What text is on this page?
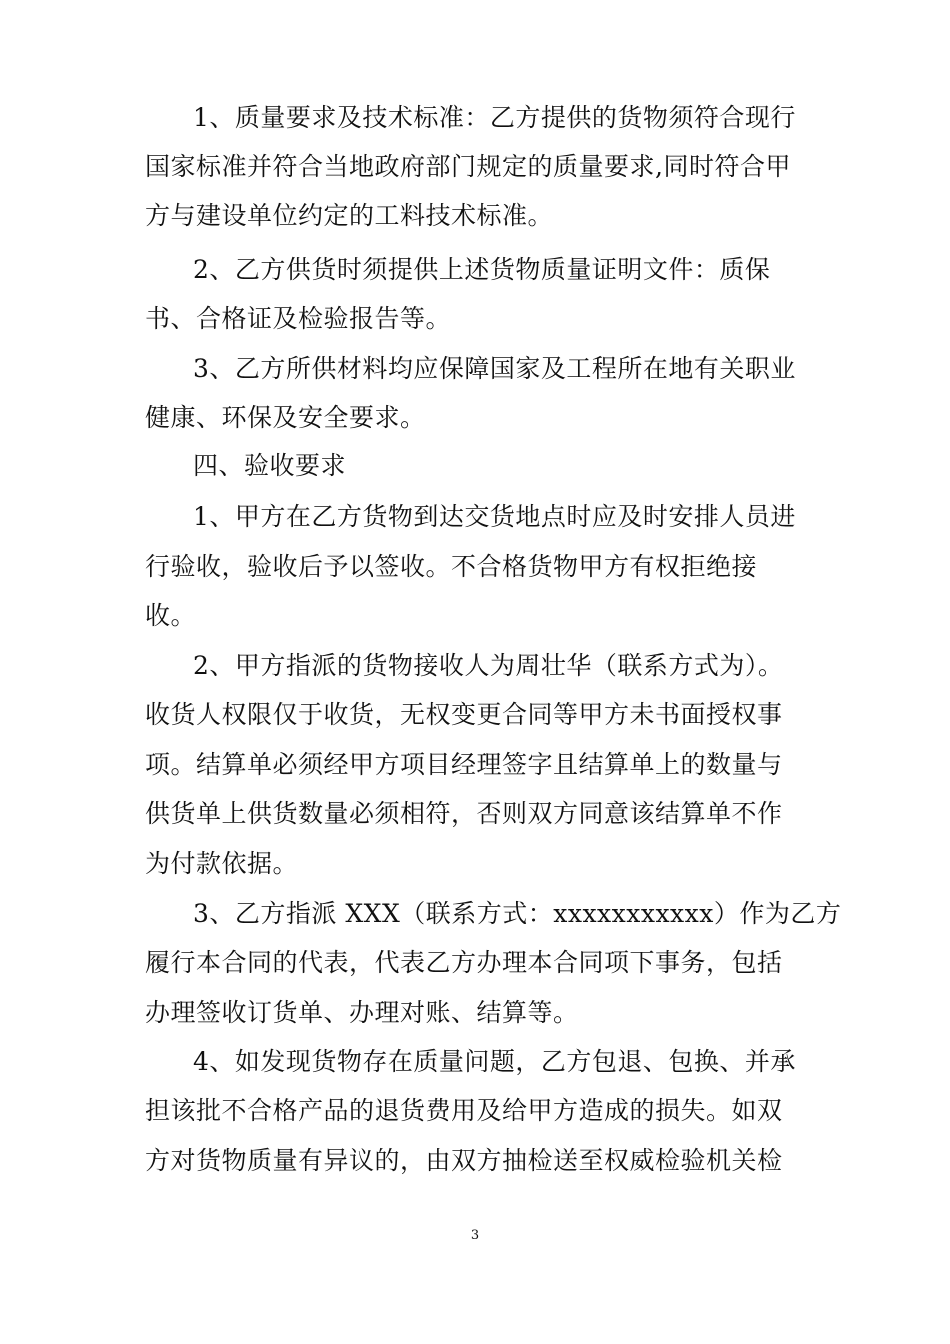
1、质量要求及技术标准：乙方提供的货物须符合现行
国家标准并符合当地政府部门规定的质量要求,同时符合甲
方与建设单位约定的工料技术标准。
2、乙方供货时须提供上述货物质量证明文件：质保
书、合格证及检验报告等。
3、乙方所供材料均应保障国家及工程所在地有关职业
健康、环保及安全要求。
四、验收要求
1、甲方在乙方货物到达交货地点时应及时安排人员进
行验收，验收后予以签收。不合格货物甲方有权拒绝接
收。
2、甲方指派的货物接收人为周壮华（联系方式为）。
收货人权限仅于收货，无权变更合同等甲方未书面授权事
项。结算单必须经甲方项目经理签字且结算单上的数量与
供货单上供货数量必须相符，否则双方同意该结算单不作
为付款依据。
3、乙方指派 XXX（联系方式：xxxxxxxxxxx）作为乙方
履行本合同的代表，代表乙方办理本合同项下事务，包括
办理签收订货单、办理对账、结算等。
4、如发现货物存在质量问题，乙方包退、包换、并承
担该批不合格产品的退货费用及给甲方造成的损失。如双
方对货物质量有异议的，由双方抽检送至权威检验机关检
3
